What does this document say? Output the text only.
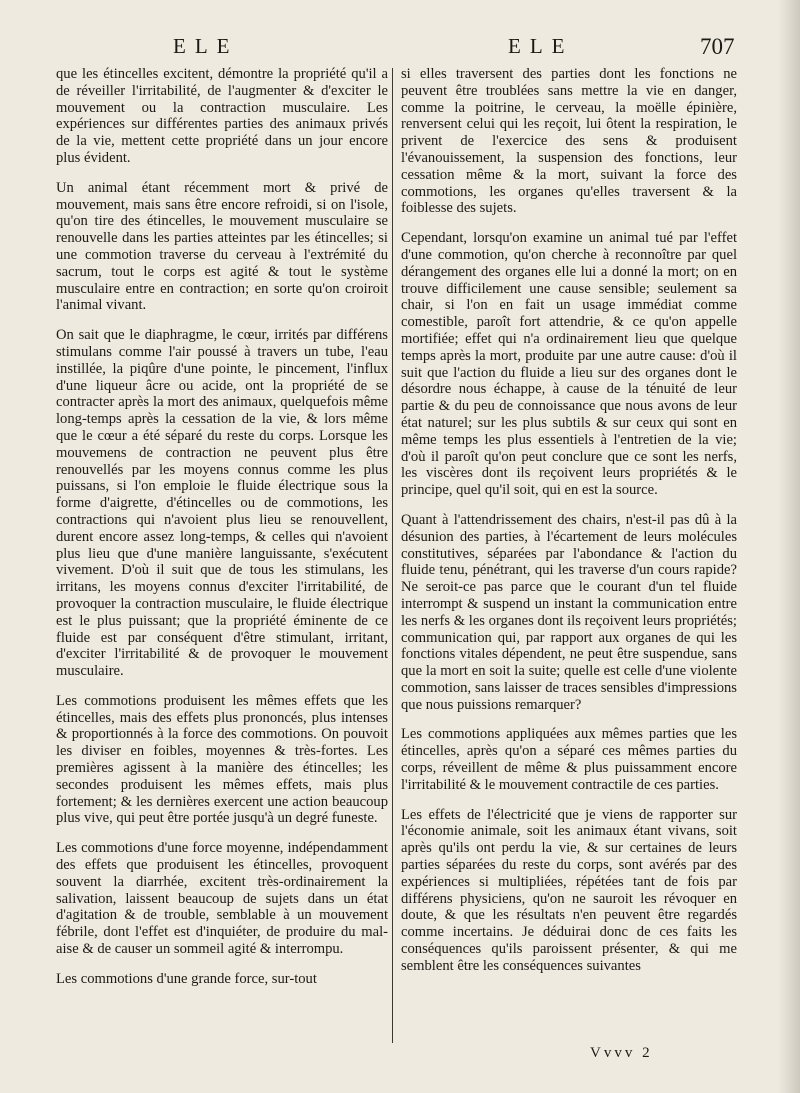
ELE	ELE	707

que les étincelles excitent, démontre la propriété qu'il a de réveiller l'irritabilité, de l'augmenter & d'exciter le mouvement ou la contraction musculaire. Les expériences sur différentes parties des animaux privés de la vie, mettent cette propriété dans un jour encore plus évident.

Un animal étant récemment mort & privé de mouvement, mais sans être encore refroidi, si on l'isole, qu'on tire des étincelles, le mouvement musculaire se renouvelle dans les parties atteintes par les étincelles; si une commotion traverse du cerveau à l'extrémité du sacrum, tout le corps est agité & tout le système musculaire entre en contraction; en sorte qu'on croiroit l'animal vivant.

On sait que le diaphragme, le cœur, irrités par différens stimulans comme l'air poussé à travers un tube, l'eau instillée, la piqûre d'une pointe, le pincement, l'influx d'une liqueur âcre ou acide, ont la propriété de se contracter après la mort des animaux, quelquefois même long-temps après la cessation de la vie, & lors même que le cœur a été séparé du reste du corps. Lorsque les mouvemens de contraction ne peuvent plus être renouvellés par les moyens connus comme les plus puissans, si l'on emploie le fluide électrique sous la forme d'aigrette, d'étincelles ou de commotions, les contractions qui n'avoient plus lieu se renouvellent, durent encore assez long-temps, & celles qui n'avoient plus lieu que d'une manière languissante, s'exécutent vivement. D'où il suit que de tous les stimulans, les irritans, les moyens connus d'exciter l'irritabilité, de provoquer la contraction musculaire, le fluide électrique est le plus puissant; que la propriété éminente de ce fluide est par conséquent d'être stimulant, irritant, d'exciter l'irritabilité & de provoquer le mouvement musculaire.

Les commotions produisent les mêmes effets que les étincelles, mais des effets plus prononcés, plus intenses & proportionnés à la force des commotions. On pouvoit les diviser en foibles, moyennes & très-fortes. Les premières agissent à la manière des étincelles; les secondes produisent les mêmes effets, mais plus fortement; & les dernières exercent une action beaucoup plus vive, qui peut être portée jusqu'à un degré funeste.

Les commotions d'une force moyenne, indépendamment des effets que produisent les étincelles, provoquent souvent la diarrhée, excitent très-ordinairement la salivation, laissent beaucoup de sujets dans un état d'agitation & de trouble, semblable à un mouvement fébrile, dont l'effet est d'inquiéter, de produire du mal-aise & de causer un sommeil agité & interrompu.

Les commotions d'une grande force, sur-tout

si elles traversent des parties dont les fonctions ne peuvent être troublées sans mettre la vie en danger, comme la poitrine, le cerveau, la moëlle épinière, renversent celui qui les reçoit, lui ôtent la respiration, le privent de l'exercice des sens & produisent l'évanouissement, la suspension des fonctions, leur cessation même & la mort, suivant la force des commotions, les organes qu'elles traversent & la foiblesse des sujets.

Cependant, lorsqu'on examine un animal tué par l'effet d'une commotion, qu'on cherche à reconnoître par quel dérangement des organes elle lui a donné la mort; on en trouve difficilement une cause sensible; seulement sa chair, si l'on en fait un usage immédiat comme comestible, paroît fort attendrie, & ce qu'on appelle mortifiée; effet qui n'a ordinairement lieu que quelque temps après la mort, produite par une autre cause: d'où il suit que l'action du fluide a lieu sur des organes dont le désordre nous échappe, à cause de la ténuité de leur partie & du peu de connoissance que nous avons de leur état naturel; sur les plus subtils & sur ceux qui sont en même temps les plus essentiels à l'entretien de la vie; d'où il paroît qu'on peut conclure que ce sont les nerfs, les viscères dont ils reçoivent leurs propriétés & le principe, quel qu'il soit, qui en est la source.

Quant à l'attendrissement des chairs, n'est-il pas dû à la désunion des parties, à l'écartement de leurs molécules constitutives, séparées par l'abondance & l'action du fluide tenu, pénétrant, qui les traverse d'un cours rapide? Ne seroit-ce pas parce que le courant d'un tel fluide interrompt & suspend un instant la communication entre les nerfs & les organes dont ils reçoivent leurs propriétés; communication qui, par rapport aux organes de qui les fonctions vitales dépendent, ne peut être suspendue, sans que la mort en soit la suite; quelle est celle d'une violente commotion, sans laisser de traces sensibles d'impressions que nous puissions remarquer?

Les commotions appliquées aux mêmes parties que les étincelles, après qu'on a séparé ces mêmes parties du corps, réveillent de même & plus puissamment encore l'irritabilité & le mouvement contractile de ces parties.

Les effets de l'électricité que je viens de rapporter sur l'économie animale, soit les animaux étant vivans, soit après qu'ils ont perdu la vie, & sur certaines de leurs parties séparées du reste du corps, sont avérés par des expériences si multipliées, répétées tant de fois par différens physiciens, qu'on ne sauroit les révoquer en doute, & que les résultats n'en peuvent être regardés comme incertains. Je déduirai donc de ces faits les conséquences qu'ils paroissent présenter, & qui me semblent être les conséquences suivantes

Vvvv 2
